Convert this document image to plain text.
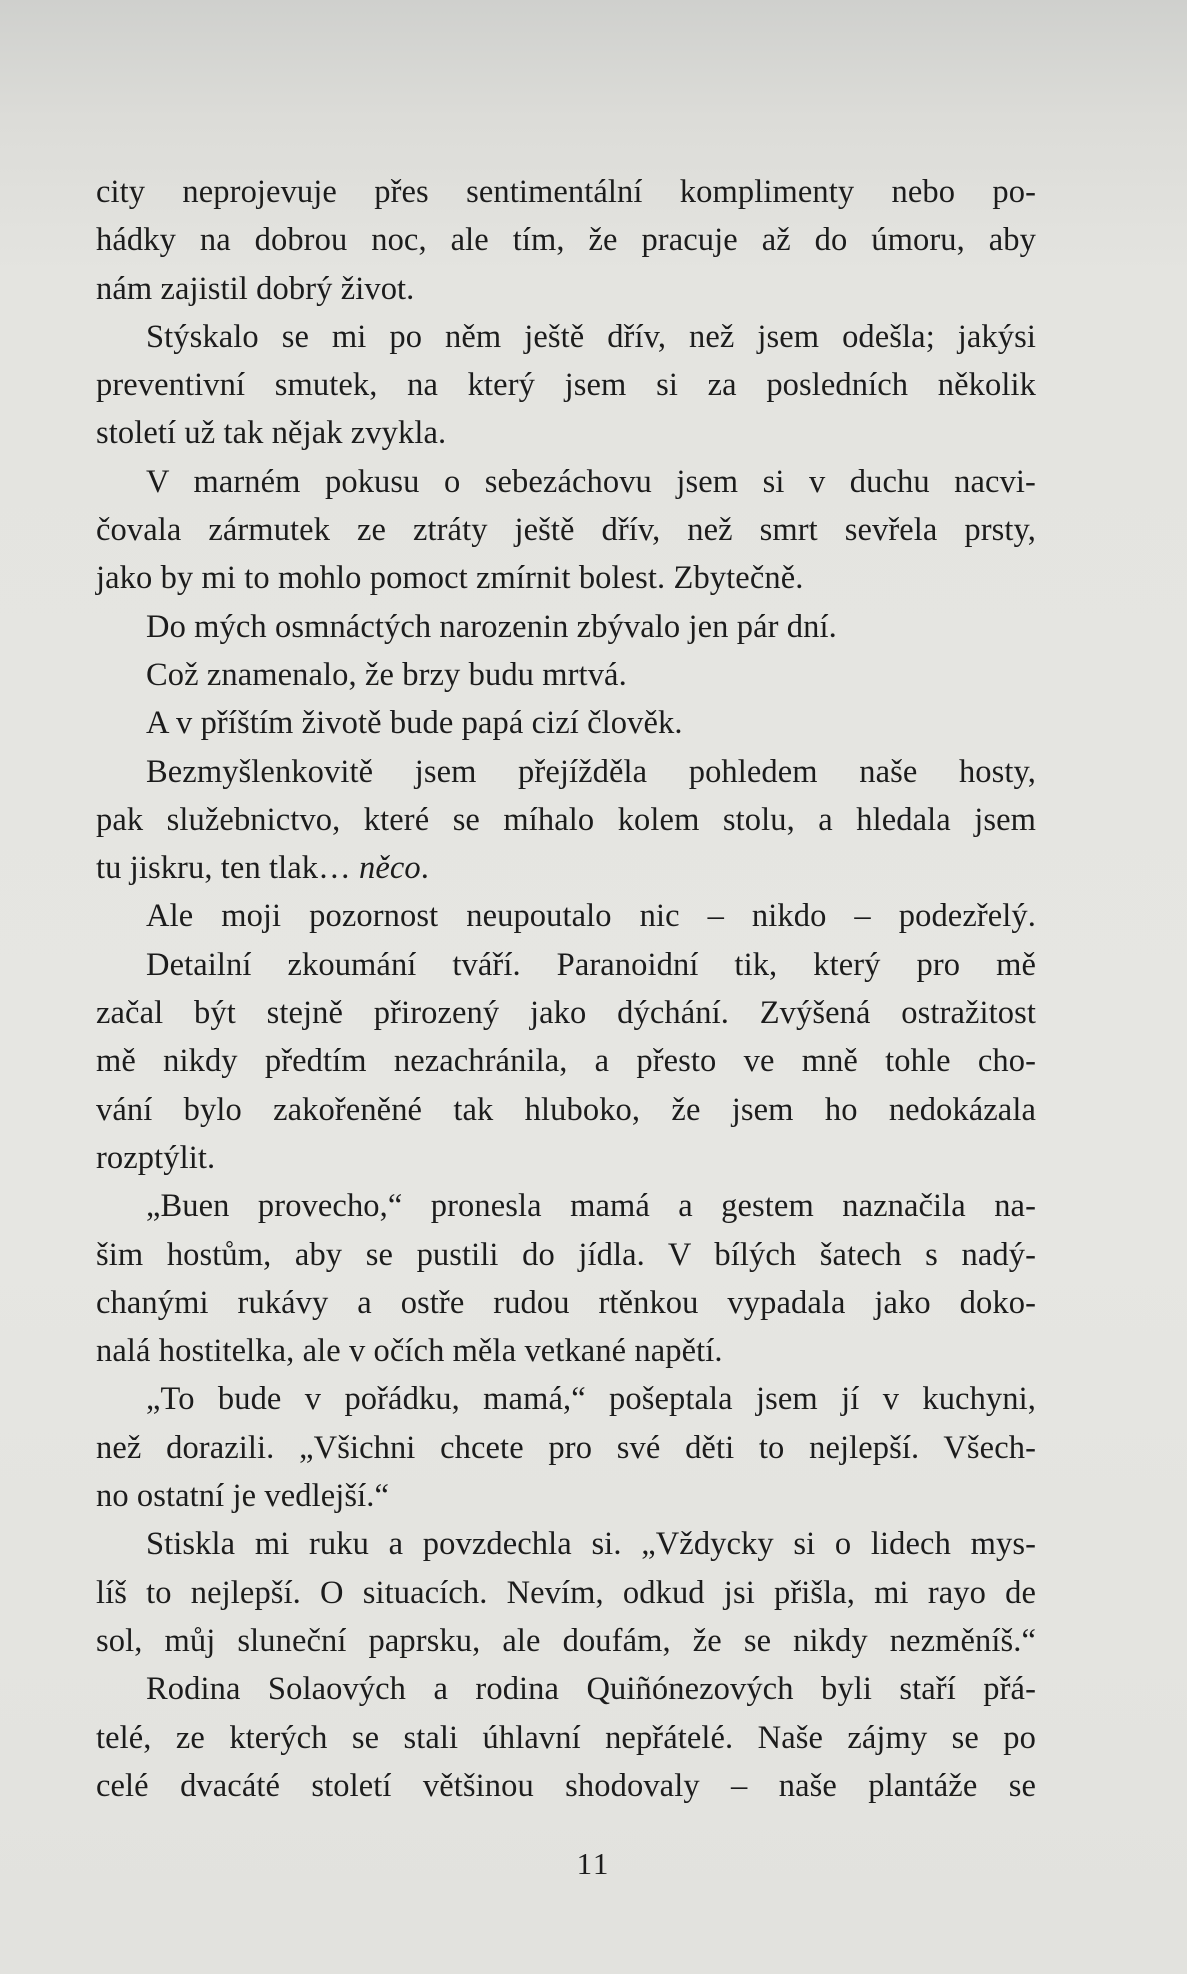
city neprojevuje přes sentimentální komplimenty nebo po-
hádky na dobrou noc, ale tím, že pracuje až do úmoru, aby
nám zajistil dobrý život.
Stýskalo se mi po něm ještě dřív, než jsem odešla; jakýsi
preventivní smutek, na který jsem si za posledních několik
století už tak nějak zvykla.
V marném pokusu o sebezáchovu jsem si v duchu nacvi-
čovala zármutek ze ztráty ještě dřív, než smrt sevřela prsty,
jako by mi to mohlo pomoct zmírnit bolest. Zbytečně.
Do mých osmnáctých narozenin zbývalo jen pár dní.
Což znamenalo, že brzy budu mrtvá.
A v příštím životě bude papá cizí člověk.
Bezmyšlenkovitě jsem přejížděla pohledem naše hosty,
pak služebnictvo, které se míhalo kolem stolu, a hledala jsem
tu jiskru, ten tlak… něco.
Ale moji pozornost neupoutalo nic – nikdo – podezřelý.
Detailní zkoumání tváří. Paranoidní tik, který pro mě
začal být stejně přirozený jako dýchání. Zvýšená ostražitost
mě nikdy předtím nezachránila, a přesto ve mně tohle cho-
vání bylo zakořeněné tak hluboko, že jsem ho nedokázala
rozptýlit.
„Buen provecho,“ pronesla mamá a gestem naznačila na-
šim hostům, aby se pustili do jídla. V bílých šatech s nadý-
chanými rukávy a ostře rudou rtěnkou vypadala jako doko-
nalá hostitelka, ale v očích měla vetkané napětí.
„To bude v pořádku, mamá,“ pošeptala jsem jí v kuchyni,
než dorazili. „Všichni chcete pro své děti to nejlepší. Všech-
no ostatní je vedlejší.“
Stiskla mi ruku a povzdechla si. „Vždycky si o lidech mys-
líš to nejlepší. O situacích. Nevím, odkud jsi přišla, mi rayo de
sol, můj sluneční paprsku, ale doufám, že se nikdy nezměníš.“
Rodina Solaových a rodina Quiñónezových byli staří přá-
telé, ze kterých se stali úhlavní nepřátelé. Naše zájmy se po
celé dvacáté století většinou shodovaly – naše plantáže se
11
